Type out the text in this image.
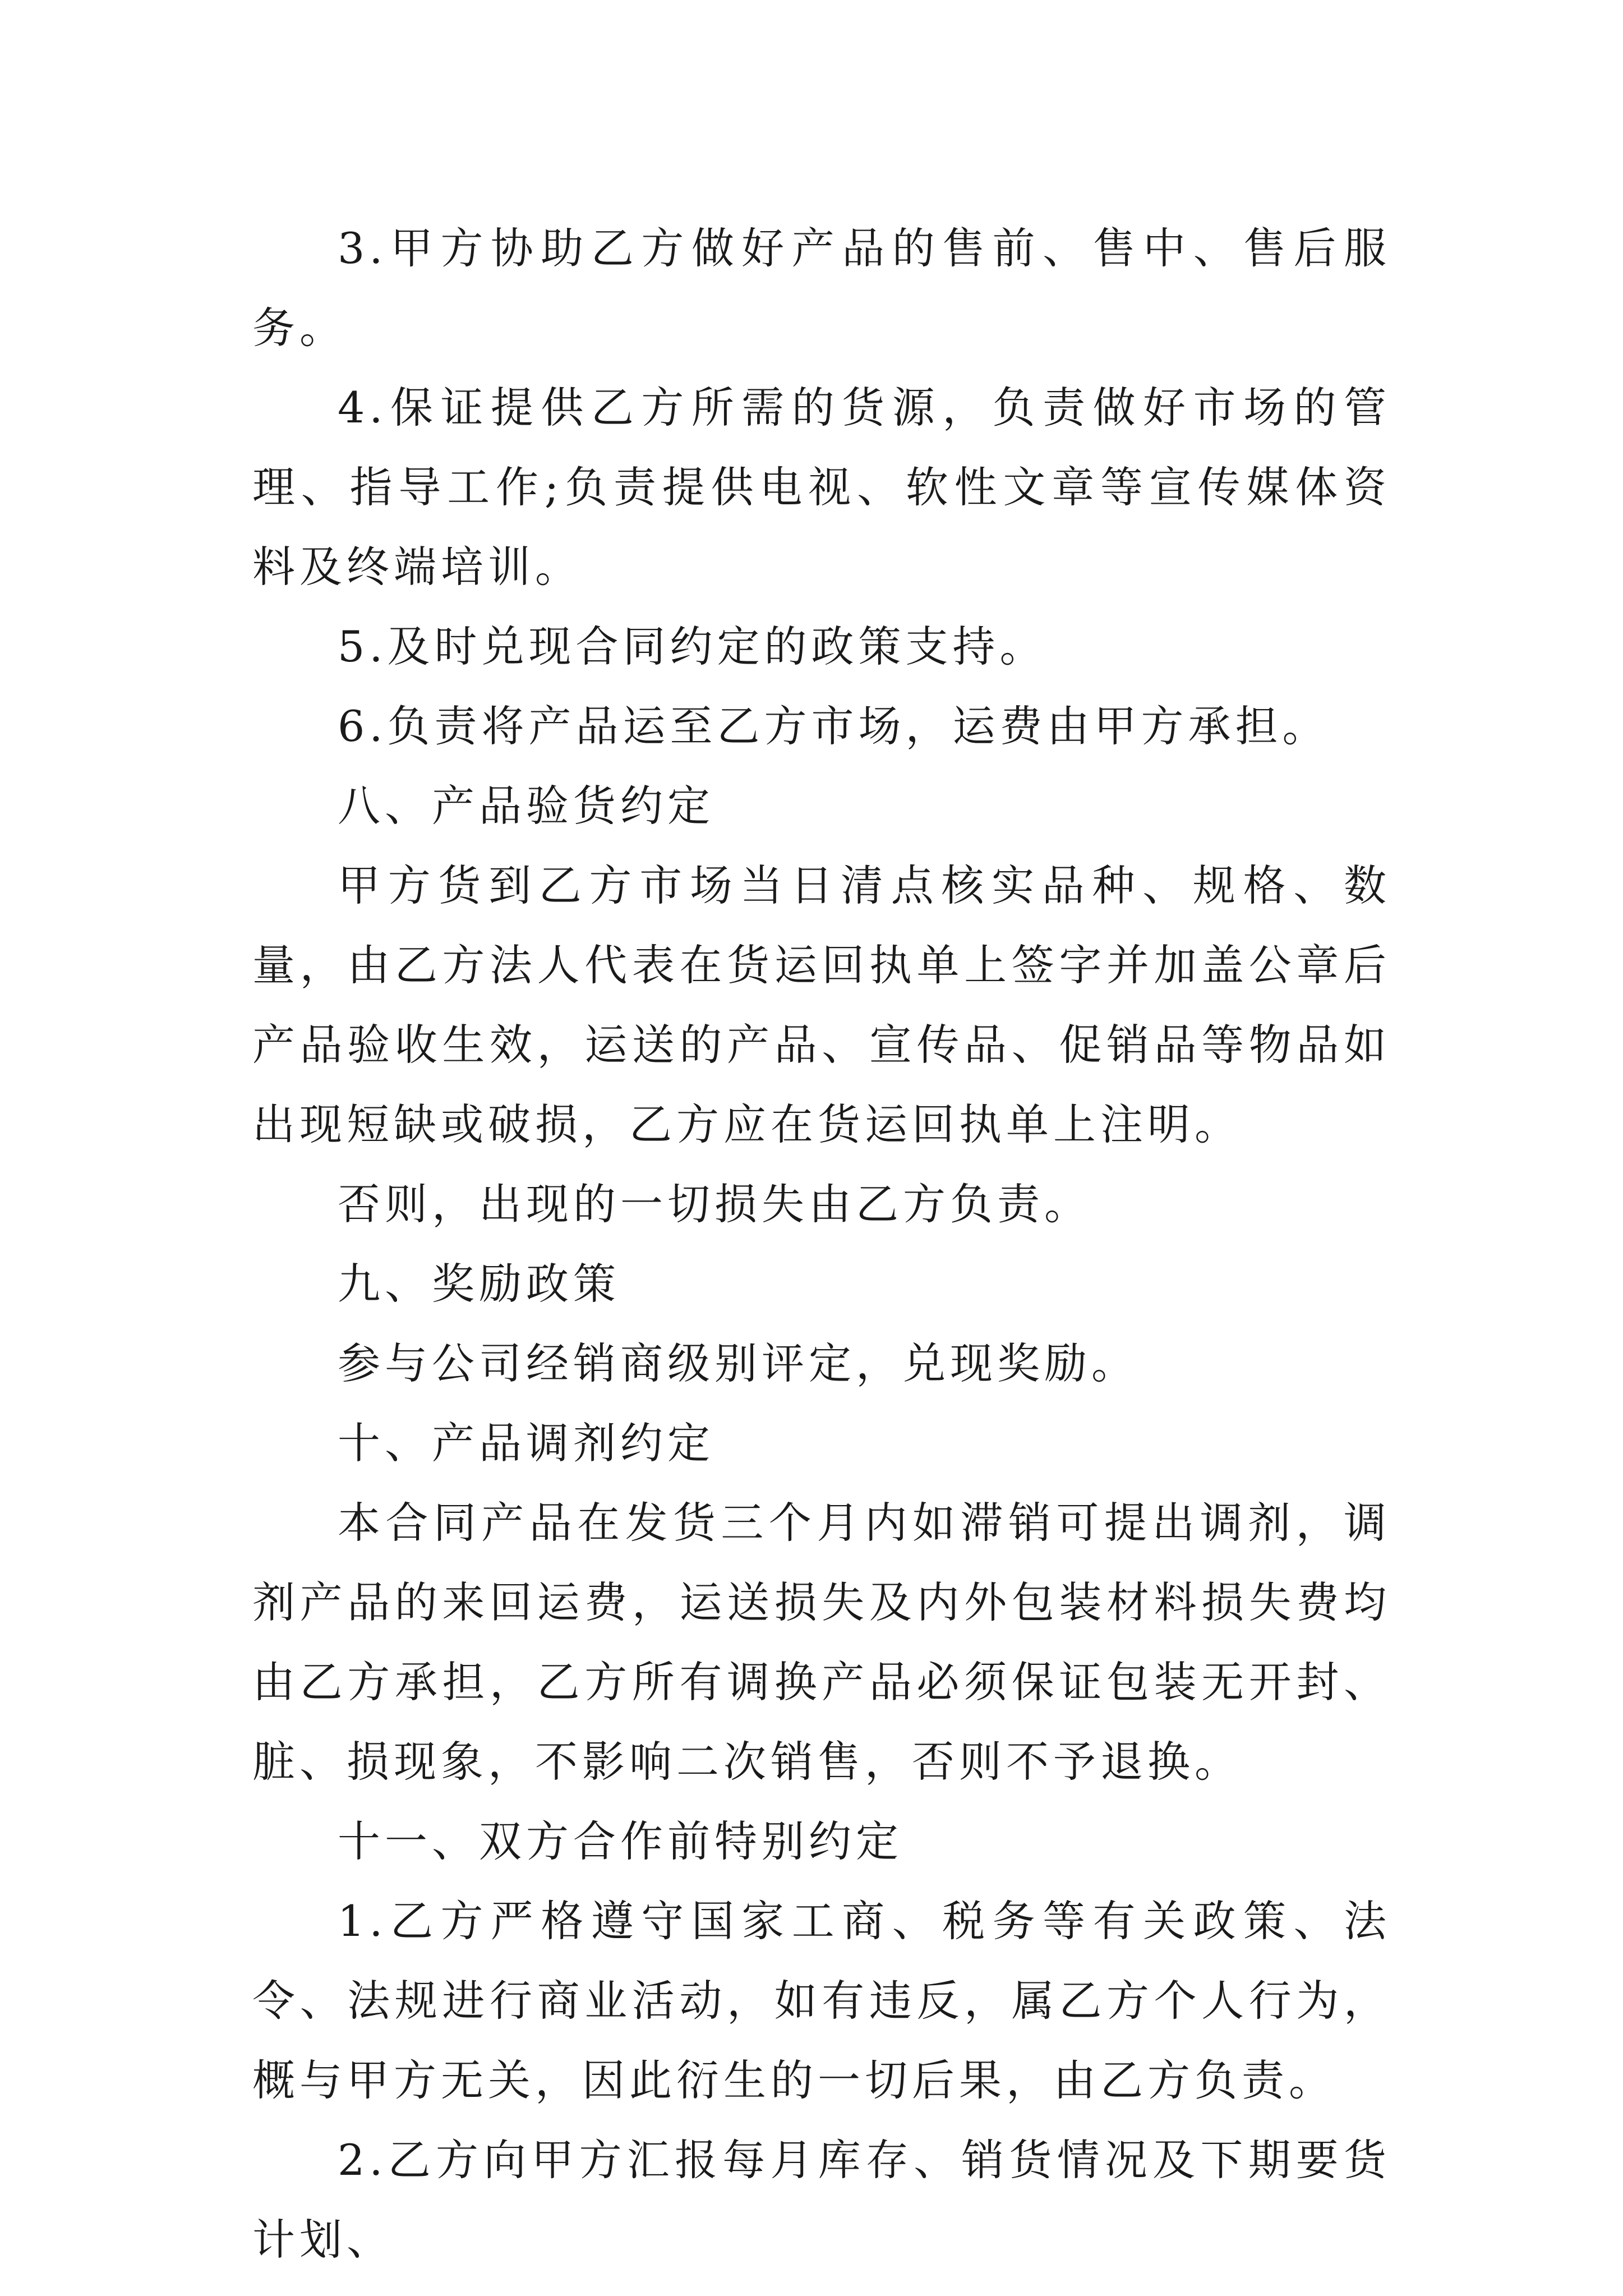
3.甲方协助乙方做好产品的售前、售中、售后服务。

4.保证提供乙方所需的货源，负责做好市场的管理、指导工作;负责提供电视、软性文章等宣传媒体资料及终端培训。

5.及时兑现合同约定的政策支持。

6.负责将产品运至乙方市场，运费由甲方承担。

八、产品验货约定

甲方货到乙方市场当日清点核实品种、规格、数量，由乙方法人代表在货运回执单上签字并加盖公章后产品验收生效，运送的产品、宣传品、促销品等物品如出现短缺或破损，乙方应在货运回执单上注明。

否则，出现的一切损失由乙方负责。

九、奖励政策

参与公司经销商级别评定，兑现奖励。

十、产品调剂约定

本合同产品在发货三个月内如滞销可提出调剂，调剂产品的来回运费，运送损失及内外包装材料损失费均由乙方承担，乙方所有调换产品必须保证包装无开封、脏、损现象，不影响二次销售，否则不予退换。

十一、双方合作前特别约定

1.乙方严格遵守国家工商、税务等有关政策、法令、法规进行商业活动，如有违反，属乙方个人行为，概与甲方无关，因此衍生的一切后果，由乙方负责。

2.乙方向甲方汇报每月库存、销货情况及下期要货计划、
